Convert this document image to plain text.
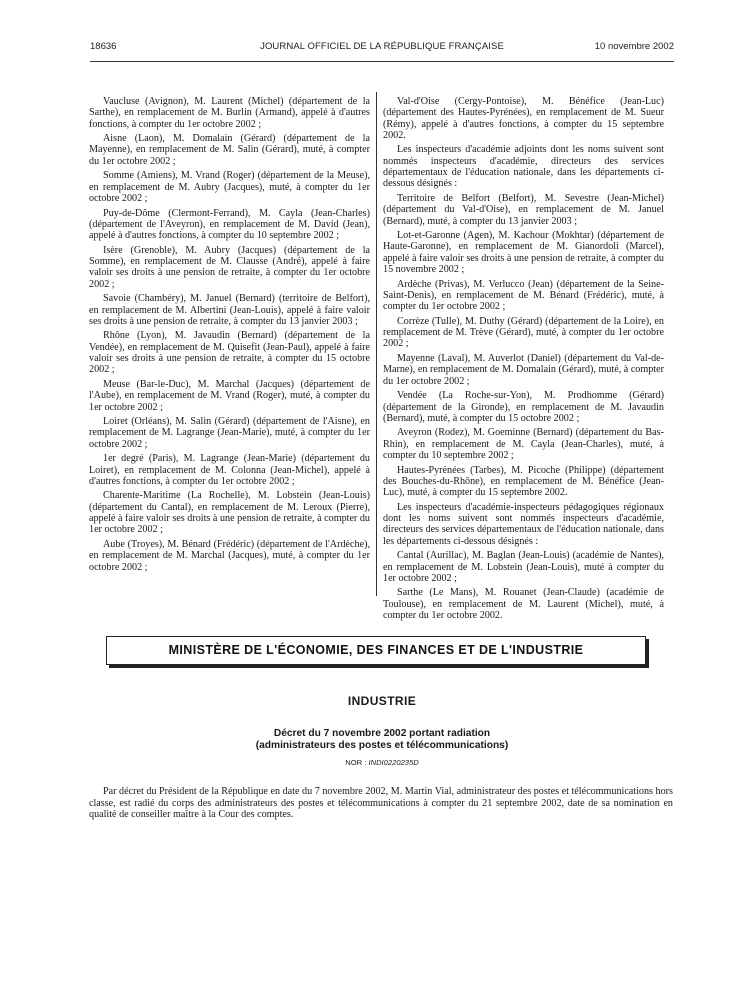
18636	JOURNAL OFFICIEL DE LA RÉPUBLIQUE FRANÇAISE	10 novembre 2002

Vaucluse (Avignon), M. Laurent (Michel) (département de la Sarthe), en remplacement de M. Burlin (Armand), appelé à d'autres fonctions, à compter du 1er octobre 2002 ;

Aisne (Laon), M. Domalain (Gérard) (département de la Mayenne), en remplacement de M. Salin (Gérard), muté, à compter du 1er octobre 2002 ;

Somme (Amiens), M. Vrand (Roger) (département de la Meuse), en remplacement de M. Aubry (Jacques), muté, à compter du 1er octobre 2002 ;

Puy-de-Dôme (Clermont-Ferrand), M. Cayla (Jean-Charles) (département de l'Aveyron), en remplacement de M. David (Jean), appelé à d'autres fonctions, à compter du 10 septembre 2002 ;

Isère (Grenoble), M. Aubry (Jacques) (département de la Somme), en remplacement de M. Clausse (André), appelé à faire valoir ses droits à une pension de retraite, à compter du 1er octobre 2002 ;

Savoie (Chambéry), M. Januel (Bernard) (territoire de Belfort), en remplacement de M. Albertini (Jean-Louis), appelé à faire valoir ses droits à une pension de retraite, à compter du 13 janvier 2003 ;

Rhône (Lyon), M. Javaudin (Bernard) (département de la Vendée), en remplacement de M. Quisefit (Jean-Paul), appelé à faire valoir ses droits à une pension de retraite, à compter du 15 octobre 2002 ;

Meuse (Bar-le-Duc), M. Marchal (Jacques) (département de l'Aube), en remplacement de M. Vrand (Roger), muté, à compter du 1er octobre 2002 ;

Loiret (Orléans), M. Salin (Gérard) (département de l'Aisne), en remplacement de M. Lagrange (Jean-Marie), muté, à compter du 1er octobre 2002 ;

1er degré (Paris), M. Lagrange (Jean-Marie) (département du Loiret), en remplacement de M. Colonna (Jean-Michel), appelé à d'autres fonctions, à compter du 1er octobre 2002 ;

Charente-Maritime (La Rochelle), M. Lobstein (Jean-Louis) (département du Cantal), en remplacement de M. Leroux (Pierre), appelé à faire valoir ses droits à une pension de retraite, à compter du 1er octobre 2002 ;

Aube (Troyes), M. Bénard (Frédéric) (département de l'Ardèche), en remplacement de M. Marchal (Jacques), muté, à compter du 1er octobre 2002 ;

Val-d'Oise (Cergy-Pontoise), M. Bénéfice (Jean-Luc) (département des Hautes-Pyrénées), en remplacement de M. Sueur (Rémy), appelé à d'autres fonctions, à compter du 15 septembre 2002.

Les inspecteurs d'académie adjoints dont les noms suivent sont nommés inspecteurs d'académie, directeurs des services départementaux de l'éducation nationale, dans les départements ci-dessous désignés :

Territoire de Belfort (Belfort), M. Sevestre (Jean-Michel) (département du Val-d'Oise), en remplacement de M. Januel (Bernard), muté, à compter du 13 janvier 2003 ;

Lot-et-Garonne (Agen), M. Kachour (Mokhtar) (département de Haute-Garonne), en remplacement de M. Gianordoli (Marcel), appelé à faire valoir ses droits à une pension de retraite, à compter du 15 novembre 2002 ;

Ardèche (Privas), M. Verlucco (Jean) (département de la Seine-Saint-Denis), en remplacement de M. Bénard (Frédéric), muté, à compter du 1er octobre 2002 ;

Corrèze (Tulle), M. Duthy (Gérard) (département de la Loire), en remplacement de M. Trève (Gérard), muté, à compter du 1er octobre 2002 ;

Mayenne (Laval), M. Auverlot (Daniel) (département du Val-de-Marne), en remplacement de M. Domalain (Gérard), muté, à compter du 1er octobre 2002 ;

Vendée (La Roche-sur-Yon), M. Prodhomme (Gérard) (département de la Gironde), en remplacement de M. Javaudin (Bernard), muté, à compter du 15 octobre 2002 ;

Aveyron (Rodez), M. Goeminne (Bernard) (département du Bas-Rhin), en remplacement de M. Cayla (Jean-Charles), muté, à compter du 10 septembre 2002 ;

Hautes-Pyrénées (Tarbes), M. Picoche (Philippe) (département des Bouches-du-Rhône), en remplacement de M. Bénéfice (Jean-Luc), muté, à compter du 15 septembre 2002.

Les inspecteurs d'académie-inspecteurs pédagogiques régionaux dont les noms suivent sont nommés inspecteurs d'académie, directeurs des services départementaux de l'éducation nationale, dans les départements ci-dessous désignés :

Cantal (Aurillac), M. Baglan (Jean-Louis) (académie de Nantes), en remplacement de M. Lobstein (Jean-Louis), muté à compter du 1er octobre 2002 ;

Sarthe (Le Mans), M. Rouanet (Jean-Claude) (académie de Toulouse), en remplacement de M. Laurent (Michel), muté, à compter du 1er octobre 2002.

MINISTÈRE DE L'ÉCONOMIE, DES FINANCES ET DE L'INDUSTRIE
INDUSTRIE
Décret du 7 novembre 2002 portant radiation
(administrateurs des postes et télécommunications)
NOR : INDI0220235D

Par décret du Président de la République en date du 7 novembre 2002, M. Martin Vial, administrateur des postes et télécommunications hors classe, est radié du corps des administrateurs des postes et télécommunications à compter du 21 septembre 2002, date de sa nomination en qualité de conseiller maître à la Cour des comptes.
